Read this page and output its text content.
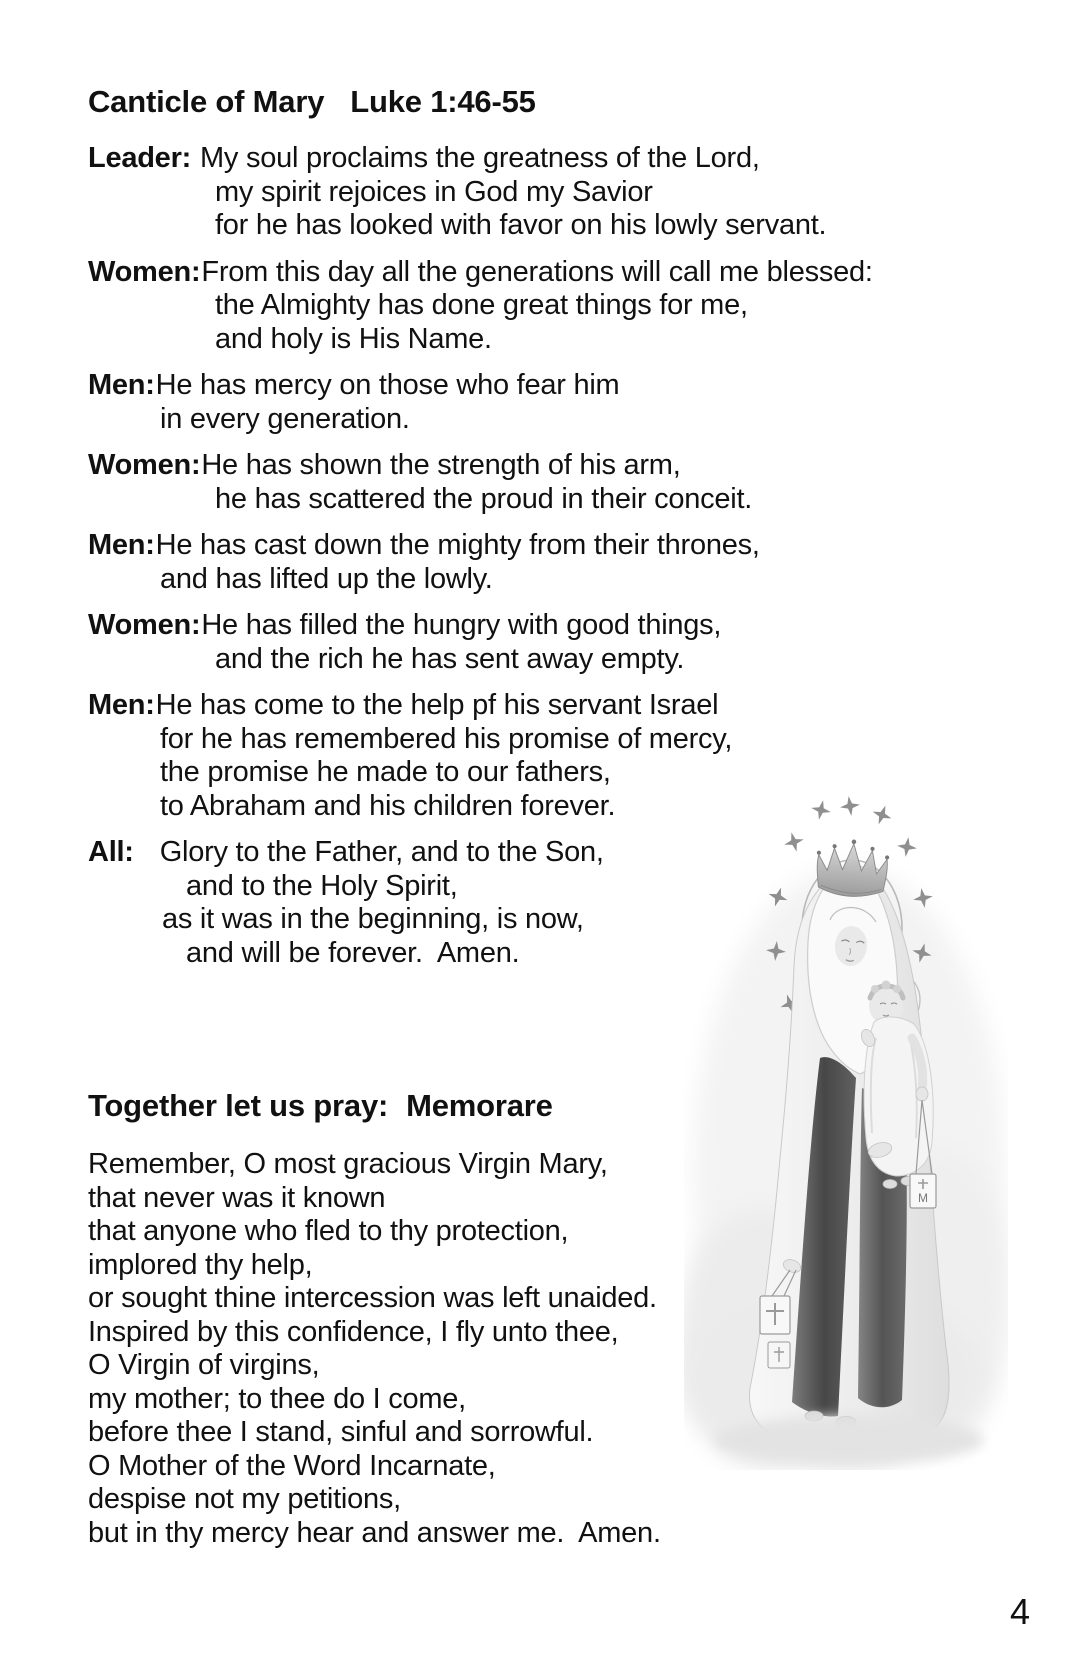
Canticle of Mary Luke 1:46-55
Leader: My soul proclaims the greatness of the Lord,
my spirit rejoices in God my Savior
for he has looked with favor on his lowly servant.
Women:From this day all the generations will call me blessed:
the Almighty has done great things for me,
and holy is His Name.
Men:He has mercy on those who fear him
in every generation.
Women:He has shown the strength of his arm,
he has scattered the proud in their conceit.
Men:He has cast down the mighty from their thrones,
and has lifted up the lowly.
Women:He has filled the hungry with good things,
and the rich he has sent away empty.
Men:He has come to the help pf his servant Israel
for he has remembered his promise of mercy,
the promise he made to our fathers,
to Abraham and his children forever.
All: Glory to the Father, and to the Son,
and to the Holy Spirit,
as it was in the beginning, is now,
and will be forever.  Amen.
Together let us pray: Memorare
Remember, O most gracious Virgin Mary,
that never was it known
that anyone who fled to thy protection,
implored thy help,
or sought thine intercession was left unaided.
Inspired by this confidence, I fly unto thee,
O Virgin of virgins,
my mother; to thee do I come,
before thee I stand, sinful and sorrowful.
O Mother of the Word Incarnate,
despise not my petitions,
but in thy mercy hear and answer me.  Amen.
M
4
